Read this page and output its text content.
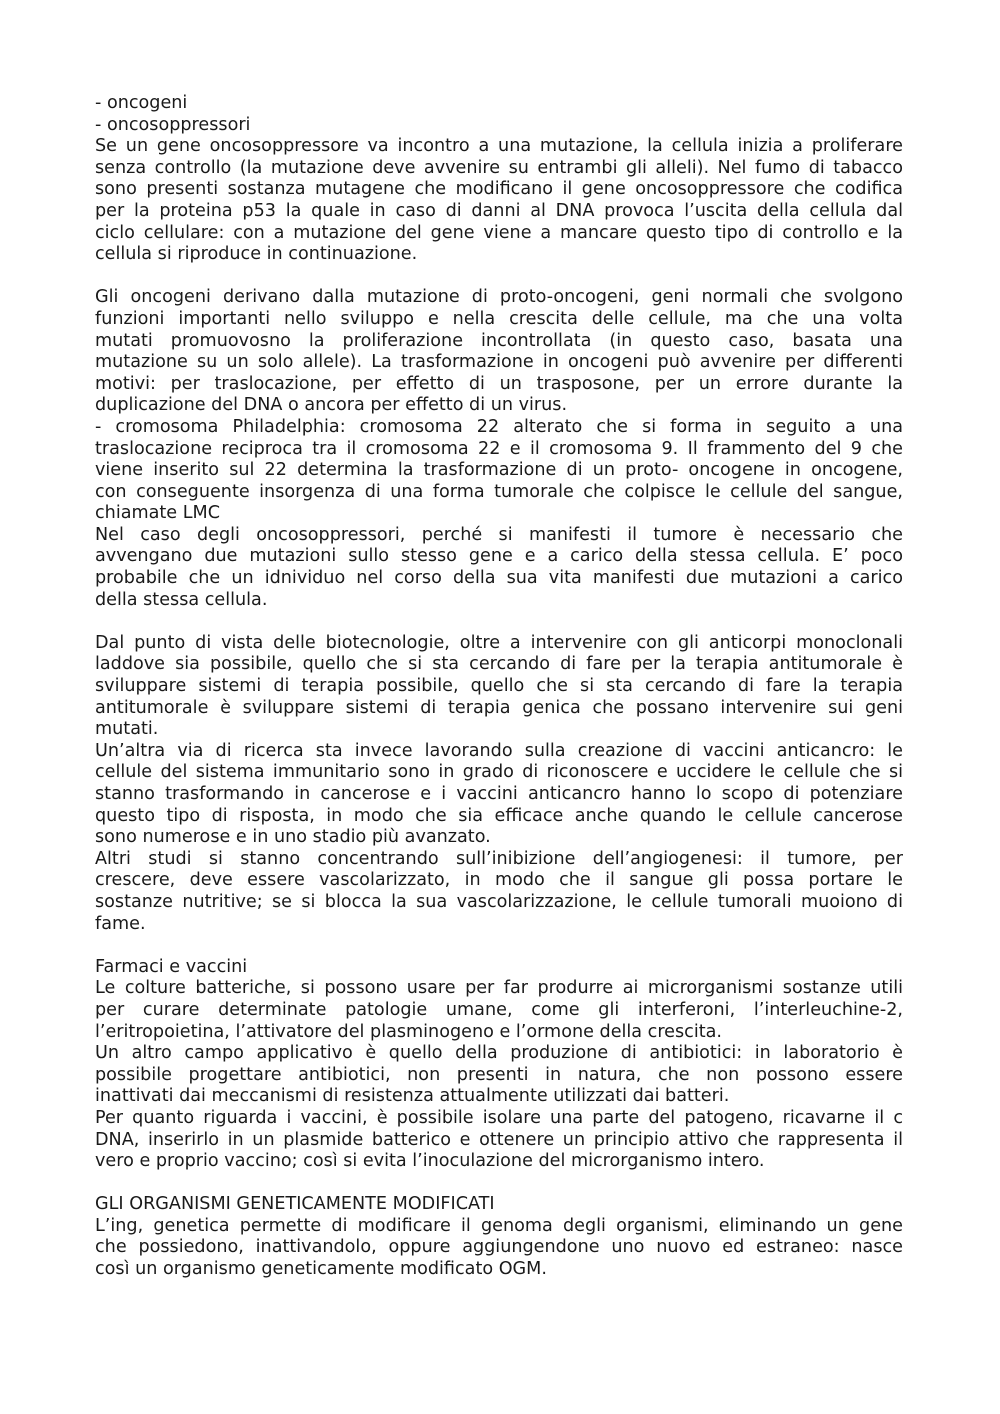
- oncogeni
- oncosoppressori
Se un gene oncosoppressore va incontro a una mutazione, la cellula inizia a proliferare
senza controllo (la mutazione deve avvenire su entrambi gli alleli). Nel fumo di tabacco
sono presenti sostanza mutagene che modificano il gene oncosoppressore che codifica
per la proteina p53 la quale in caso di danni al DNA provoca l’uscita della cellula dal
ciclo cellulare: con a mutazione del gene viene a mancare questo tipo di controllo e la
cellula si riproduce in continuazione.
Gli oncogeni derivano dalla mutazione di proto-oncogeni, geni normali che svolgono
funzioni importanti nello sviluppo e nella crescita delle cellule, ma che una volta
mutati promuovosno la proliferazione incontrollata (in questo caso, basata una
mutazione su un solo allele). La trasformazione in oncogeni può avvenire per differenti
motivi: per traslocazione, per effetto di un trasposone, per un errore durante la
duplicazione del DNA o ancora per effetto di un virus.
- cromosoma Philadelphia: cromosoma 22 alterato che si forma in seguito a una
traslocazione reciproca tra il cromosoma 22 e il cromosoma 9. Il frammento del 9 che
viene inserito sul 22 determina la trasformazione di un proto- oncogene in oncogene,
con conseguente insorgenza di una forma tumorale che colpisce le cellule del sangue,
chiamate LMC
Nel caso degli oncosoppressori, perché si manifesti il tumore è necessario che
avvengano due mutazioni sullo stesso gene e a carico della stessa cellula. E’ poco
probabile che un idnividuo nel corso della sua vita manifesti due mutazioni a carico
della stessa cellula.
Dal punto di vista delle biotecnologie, oltre a intervenire con gli anticorpi monoclonali
laddove sia possibile, quello che si sta cercando di fare per la terapia antitumorale è
sviluppare sistemi di terapia possibile, quello che si sta cercando di fare la terapia
antitumorale è sviluppare sistemi di terapia genica che possano intervenire sui geni
mutati.
Un’altra via di ricerca sta invece lavorando sulla creazione di vaccini anticancro: le
cellule del sistema immunitario sono in grado di riconoscere e uccidere le cellule che si
stanno trasformando in cancerose e i vaccini anticancro hanno lo scopo di potenziare
questo tipo di risposta, in modo che sia efficace anche quando le cellule cancerose
sono numerose e in uno stadio più avanzato.
Altri studi si stanno concentrando sull’inibizione dell’angiogenesi: il tumore, per
crescere, deve essere vascolarizzato, in modo che il sangue gli possa portare le
sostanze nutritive; se si blocca la sua vascolarizzazione, le cellule tumorali muoiono di
fame.
Farmaci e vaccini
Le colture batteriche, si possono usare per far produrre ai microrganismi sostanze utili
per curare determinate patologie umane, come gli interferoni, l’interleuchine-2,
l’eritropoietina, l’attivatore del plasminogeno e l’ormone della crescita.
Un altro campo applicativo è quello della produzione di antibiotici: in laboratorio è
possibile progettare antibiotici, non presenti in natura, che non possono essere
inattivati dai meccanismi di resistenza attualmente utilizzati dai batteri.
Per quanto riguarda i vaccini, è possibile isolare una parte del patogeno, ricavarne il c
DNA, inserirlo in un plasmide batterico e ottenere un principio attivo che rappresenta il
vero e proprio vaccino; così si evita l’inoculazione del microrganismo intero.
GLI ORGANISMI GENETICAMENTE MODIFICATI
L’ing, genetica permette di modificare il genoma degli organismi, eliminando un gene
che possiedono, inattivandolo, oppure aggiungendone uno nuovo ed estraneo: nasce
così un organismo geneticamente modificato OGM.
